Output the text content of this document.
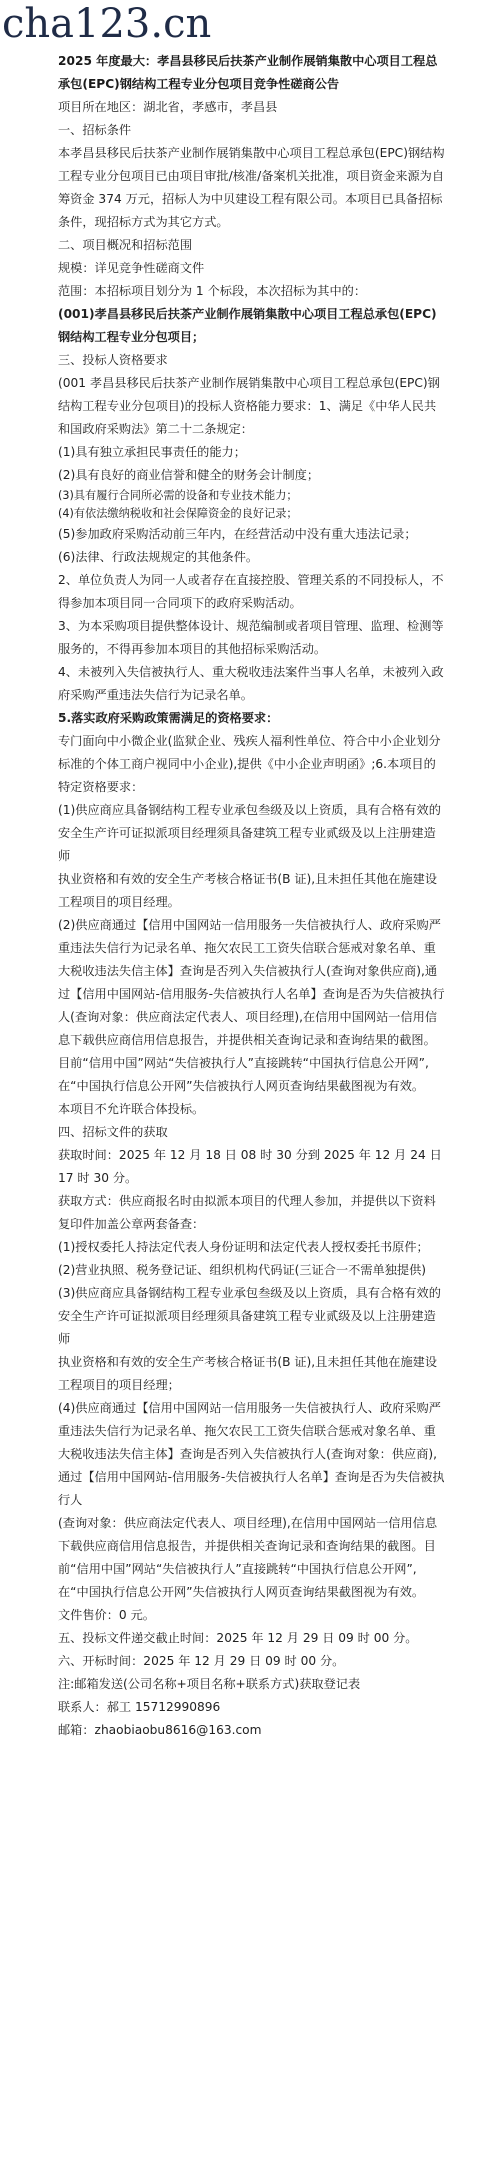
cha123.cn

2025 年度最大：孝昌县移民后扶茶产业制作展销集散中心项目工程总承包(EPC)钢结构工程专业分包项目竞争性磋商公告

项目所在地区：湖北省，孝感市，孝昌县

一、招标条件

本孝昌县移民后扶茶产业制作展销集散中心项目工程总承包(EPC)钢结构工程专业分包项目已由项目审批/核准/备案机关批准，项目资金来源为自筹资金 374 万元，招标人为中贝建设工程有限公司。本项目已具备招标条件，现招标方式为其它方式。

二、项目概况和招标范围

规模：详见竞争性磋商文件

范围：本招标项目划分为 1 个标段，本次招标为其中的：

(001)孝昌县移民后扶茶产业制作展销集散中心项目工程总承包(EPC)钢结构工程专业分包项目；

三、投标人资格要求

(001 孝昌县移民后扶茶产业制作展销集散中心项目工程总承包(EPC)钢结构工程专业分包项目)的投标人资格能力要求：1、满足《中华人民共和国政府采购法》第二十二条规定：

(1)具有独立承担民事责任的能力；

(2)具有良好的商业信誉和健全的财务会计制度；

(3)具有履行合同所必需的设备和专业技术能力；

(4)有依法缴纳税收和社会保障资金的良好记录；

(5)参加政府采购活动前三年内，在经营活动中没有重大违法记录；

(6)法律、行政法规规定的其他条件。

2、单位负责人为同一人或者存在直接控股、管理关系的不同投标人，不得参加本项目同一合同项下的政府采购活动。

3、为本采购项目提供整体设计、规范编制或者项目管理、监理、检测等服务的，不得再参加本项目的其他招标采购活动。

4、未被列入失信被执行人、重大税收违法案件当事人名单，未被列入政府采购严重违法失信行为记录名单。

5.落实政府采购政策需满足的资格要求：

专门面向中小微企业(监狱企业、残疾人福利性单位、符合中小企业划分标准的个体工商户视同中小企业),提供《中小企业声明函》;6.本项目的特定资格要求：

(1)供应商应具备钢结构工程专业承包叁级及以上资质，具有合格有效的安全生产许可证拟派项目经理须具备建筑工程专业贰级及以上注册建造师

执业资格和有效的安全生产考核合格证书(B 证),且未担任其他在施建设工程项目的项目经理。

(2)供应商通过【信用中国网站一信用服务一失信被执行人、政府采购严重违法失信行为记录名单、拖欠农民工工资失信联合惩戒对象名单、重大税收违法失信主体】查询是否列入失信被执行人(查询对象供应商),通过【信用中国网站-信用服务-失信被执行人名单】查询是否为失信被执行

人(查询对象：供应商法定代表人、项目经理),在信用中国网站一信用信息下载供应商信用信息报告，并提供相关查询记录和查询结果的截图。目前“信用中国”网站“失信被执行人”直接跳转“中国执行信息公开网”,在“中国执行信息公开网”失信被执行人网页查询结果截图视为有效。

本项目不允许联合体投标。

四、招标文件的获取

获取时间：2025 年 12 月 18 日 08 时 30 分到 2025 年 12 月 24 日 17 时 30 分。

获取方式：供应商报名时由拟派本项目的代理人参加，并提供以下资料复印件加盖公章两套备查：

(1)授权委托人持法定代表人身份证明和法定代表人授权委托书原件；

(2)营业执照、税务登记证、组织机构代码证(三证合一不需单独提供)

(3)供应商应具备钢结构工程专业承包叁级及以上资质，具有合格有效的安全生产许可证拟派项目经理须具备建筑工程专业贰级及以上注册建造师

执业资格和有效的安全生产考核合格证书(B 证),且未担任其他在施建设工程项目的项目经理；

(4)供应商通过【信用中国网站一信用服务一失信被执行人、政府采购严重违法失信行为记录名单、拖欠农民工工资失信联合惩戒对象名单、重大税收违法失信主体】查询是否列入失信被执行人(查询对象：供应商),通过【信用中国网站-信用服务-失信被执行人名单】查询是否为失信被执行人

(查询对象：供应商法定代表人、项目经理),在信用中国网站一信用信息下载供应商信用信息报告，并提供相关查询记录和查询结果的截图。目前“信用中国”网站“失信被执行人”直接跳转“中国执行信息公开网”,在“中国执行信息公开网”失信被执行人网页查询结果截图视为有效。

文件售价：0 元。

五、投标文件递交截止时间：2025 年 12 月 29 日 09 时 00 分。

六、开标时间：2025 年 12 月 29 日 09 时 00 分。

注:邮箱发送(公司名称+项目名称+联系方式)获取登记表

联系人：郝工 15712990896

邮箱：zhaobiaobu8616@163.com
